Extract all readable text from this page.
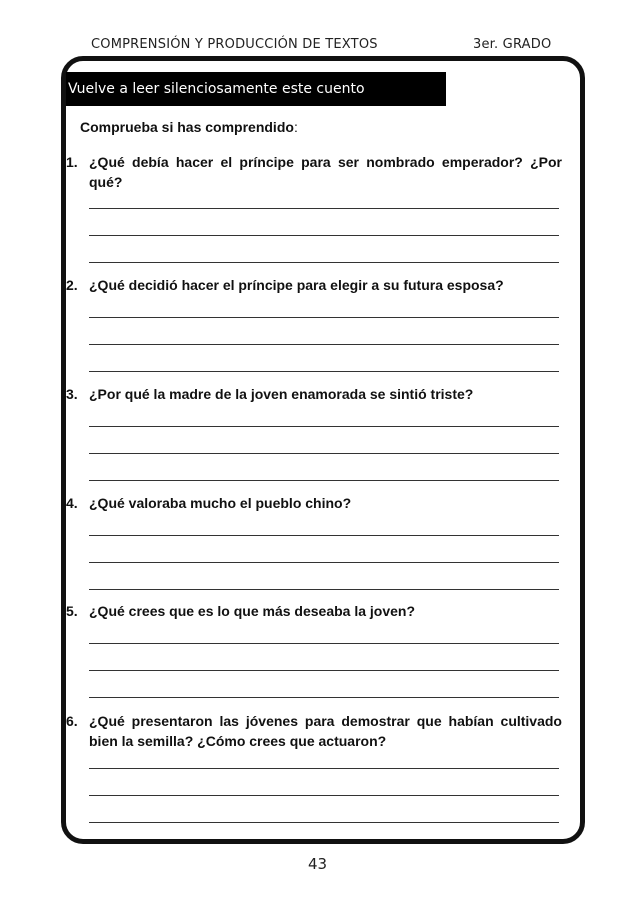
COMPRENSIÓN Y PRODUCCIÓN DE TEXTOS	3er. GRADO
Vuelve a leer silenciosamente este cuento
Comprueba si has comprendido:
1. ¿Qué debía hacer el príncipe para ser nombrado emperador? ¿Por qué?
2. ¿Qué decidió hacer el príncipe para elegir a su futura esposa?
3. ¿Por qué la madre de la joven enamorada se sintió triste?
4. ¿Qué valoraba mucho el pueblo chino?
5. ¿Qué crees que es lo que más deseaba la joven?
6. ¿Qué presentaron las jóvenes para demostrar que habían cultivado bien la semilla? ¿Cómo crees que actuaron?
43
